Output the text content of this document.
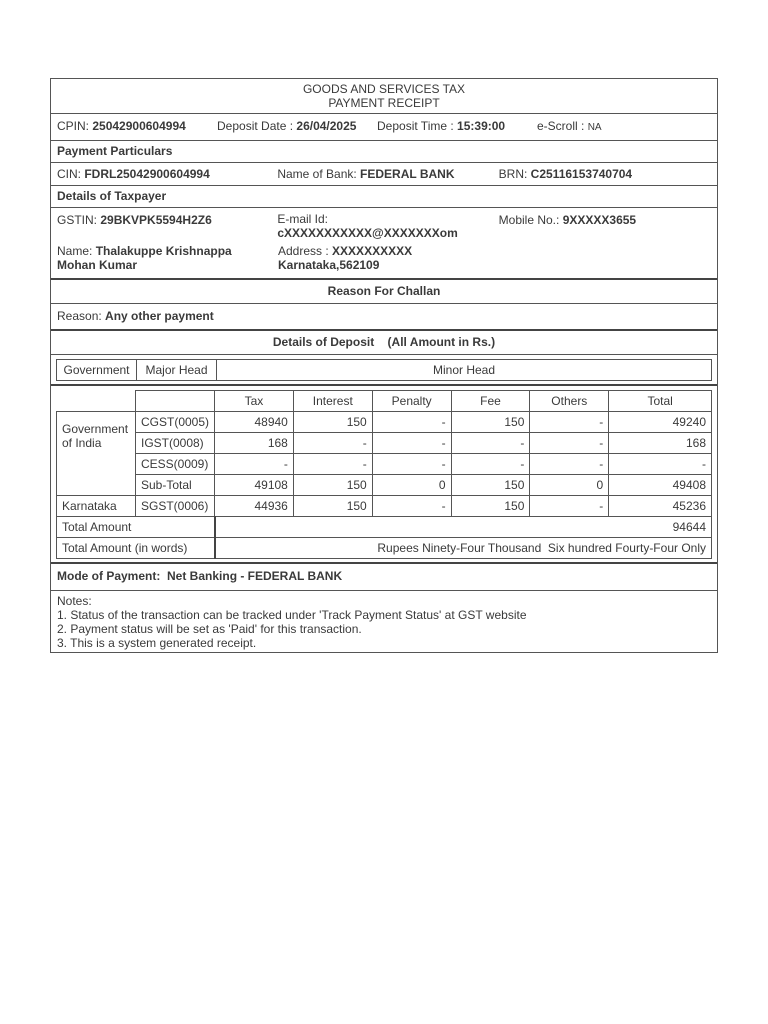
GOODS AND SERVICES TAX
PAYMENT RECEIPT
CPIN: 25042900604994	Deposit Date : 26/04/2025	Deposit Time : 15:39:00	e-Scroll : NA
Payment Particulars
CIN: FDRL25042900604994	Name of Bank: FEDERAL BANK	BRN: C25116153740704
Details of Taxpayer
GSTIN: 29BKVPK5594H2Z6	E-mail Id:
cXXXXXXXXXXX@XXXXXXXom
Mobile No.: 9XXXXX3655
Name: Thalakuppe Krishnappa Mohan Kumar
Address : XXXXXXXXXX
Karnataka,562109
Reason For Challan
Reason: Any other payment
Details of Deposit    (All Amount in Rs.)
Government	Major Head	Minor Head
		Tax	Interest	Penalty	Fee	Others	Total
Government of India	CGST(0005)	48940	150	-	150	-	49240
	IGST(0008)	168	-	-	-	-	168
	CESS(0009)	-	-	-	-	-	-
	Sub-Total	49108	150	0	150	0	49408
Karnataka	SGST(0006)	44936	150	-	150	-	45236
Total Amount		94644					
Total Amount (in words)		Rupees Ninety-Four Thousand  Six hundred Fourty-Four Only					
Mode of Payment:  Net Banking - FEDERAL BANK
Notes:
1. Status of the transaction can be tracked under 'Track Payment Status' at GST website
2. Payment status will be set as 'Paid' for this transaction.
3. This is a system generated receipt.
